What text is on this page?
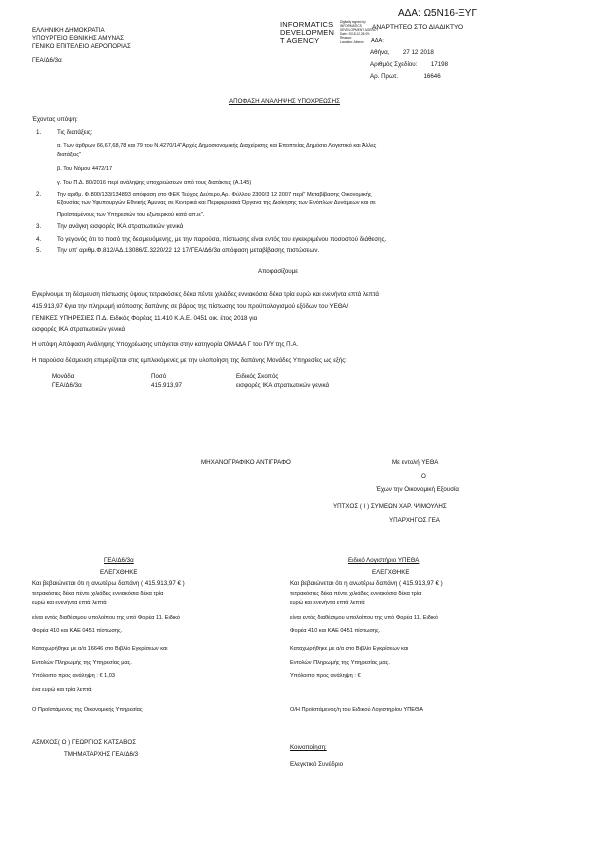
ΑΔΑ: Ω5Ν16-ΞΥΓ
ΕΛΛΗΝΙΚΗ ΔΗΜΟΚΡΑΤΙΑ
ΥΠΟΥΡΓΕΙΟ ΕΘΝΙΚΗΣ ΑΜΥΝΑΣ
ΓΕΝΙΚΟ ΕΠΙΤΕΛΕΙΟ ΑΕΡΟΠΟΡΙΑΣ
ΓΕΑ/Δ6/3α
INFORMATICS
DEVELOPMEN
T AGENCY
Digitally signed by
INFORMATICS
DEVELOPMENT AGENCY
Date: 2018.12.28 09:
Reason:
Location: Athens
ΑΝΑΡΤΗΤΕΟ ΣΤΟ ΔΙΑΔΙΚΤΥΟ
ΑΔΑ:
Αθήνα, 27 12 2018
Αριθμός Σχεδίου: 17198
Αρ. Πρωτ.	16646
ΑΠΟΦΑΣΗ ΑΝΑΛΗΨΗΣ ΥΠΟΧΡΕΩΣΗΣ
Έχοντας υπόψη:
1.	Τις διατάξεις:
α. Των άρθρων 66,67,68,78 και 79 του Ν.4270/14"Αρχές Δημοσιονομικής Διαχείρισης και Εποπτείας Δημόσιο Λογιστικό και Άλλες
διατάξεις"
β. Του Νόμου 4472/17
γ. Του Π.Δ. 80/2016 περί ανάληψης υποχρεώσεων από τους διατάκτες (Α.145)
2.	Την αριθμ. Φ.800/133/134893 απόφαση στο ΦΕΚ Τεύχος Δεύτερο,Αρ. Φύλλου 2300/3 12 2007 περί" Μεταβίβασης Οικονομικής
Εξουσίας των Υφυπουργών Εθνικής Άμυνας σε Κεντρικά και Περιφερειακά Όργανα της Διοίκησης των Ενόπλων Δυνάμεων και σε
Προϊσταμένους των Υπηρεσιών του εξωτερικού κατά απ.ιε".
3.	Την ανάγκη εισφορές ΙΚΑ στρατιωτικών γενικά
4.	Το γεγονός ότι το ποσό της δεσμευόμενης, με την παρούσα, πίστωσης είναι εντός του εγκεκριμένου ποσοστού διάθεσης.
5.	Την υπ' αριθμ.Φ.812/ΑΔ.13086/Σ.3220/22 12 17/ΓΕΑ/Δ6/3α απόφαση μεταβίβασης πιστώσεων.
Αποφασίζουμε
Εγκρίνουμε τη δέσμευση πίστωσης ύψους τετρακόσιες δέκα πέντε χιλιάδες εννιακόσια δέκα τρία ευρώ και ενενήντα επτά λεπτά
415.913,97 €για την πληρωμή ισόποσης δαπάνης σε βάρος της πίστωσης του προϋπολογισμού εξόδων του ΥΕΘΑ/
ΓΕΝΙΚΕΣ ΥΠΗΡΕΣΙΕΣ Π.Δ. Ειδικός Φορέας 11.410 Κ.Α.Ε. 0451 οικ. έτος 2018 για
εισφορές ΙΚΑ στρατιωτικών γενικά
Η υπόψη Απόφαση Ανάληψης Υποχρέωσης υπάγεται στην κατηγορία ΟΜΑΔΑ Γ του Π/Υ της Π.Α.
Η παρούσα δέσμευση επιμερίζεται στις εμπλεκόμενες με την υλοποίηση της δαπάνης Μονάδες Υπηρεσίες ως εξής:
Μονάδα	Ποσό	Ειδικός Σκοπός
ΓΕΑ/Δ6/3α	415.913,97	εισφορές ΙΚΑ στρατιωτικών γενικά
ΜΗΧΑΝΟΓΡΑΦΙΚΟ ΑΝΤΙΓΡΑΦΟ	Με εντολή ΥΕΘΑ
Ο
Έχων την Οικονομική Εξουσία
ΥΠΤΧΟΣ ( Ι ) ΣΥΜΕΩΝ ΧΑΡ. ΨΙΜΟΥΛΗΣ
ΥΠΑΡΧΗΓΟΣ ΓΕΑ
ΓΕΑ/Δ6/3α
ΕΛΕΓΧΘΗΚΕ
Και βεβαιώνεται ότι η ανωτέρω δαπάνη ( 415.913,97 € )
τετρακόσιες δέκα πέντε χιλιάδες εννιακόσια δέκα τρία
ευρώ και ενενήντα επτά λεπτά
είναι εντός διαθέσιμου υπολοίπου της υπό Φορέα 11. Ειδικό
Φορέα 410 και ΚΑΕ 0451 πίστωσης.
Καταχωρήθηκε με α/α 16646 στο Βιβλίο Εγκρίσεων και
Εντολών Πληρωμής της Υπηρεσίας μας.
Υπόλοιπο προς ανάληψη : € 1,03
ένα ευρώ και τρία λεπτά
Ο Προϊστάμενος της Οικονομικής Υπηρεσίας
ΑΣΜΧΟΣ( Ο ) ΓΕΩΡΓΙΟΣ ΚΑΤΣΑΒΟΣ
ΤΜΗΜΑΤΑΡΧΗΣ ΓΕΑ/Δ6/3
Ειδικό Λογιστήριο ΥΠΕΘΑ
ΕΛΕΓΧΘΗΚΕ
Και βεβαιώνεται ότι η ανωτέρω δαπάνη ( 415.913,97 € )
τετρακόσιες δέκα πέντε χιλιάδες εννιακόσια δέκα τρία
ευρώ και ενενήντα επτά λεπτά
είναι εντός διαθέσιμου υπολοίπου της υπό Φορέα 11. Ειδικό
Φορέα 410 και ΚΑΕ 0451 πίστωσης.
Καταχωρήθηκε με α/α στο Βιβλίο Εγκρίσεων και
Εντολών Πληρωμής της Υπηρεσίας μας.
Υπόλοιπο προς ανάληψη : €
Ο/Η Προϊστάμενος/η του Ειδικού Λογιστηρίου ΥΠΕΘΑ
Κοινοποίηση:
Ελεγκτικό Συνέδριο
